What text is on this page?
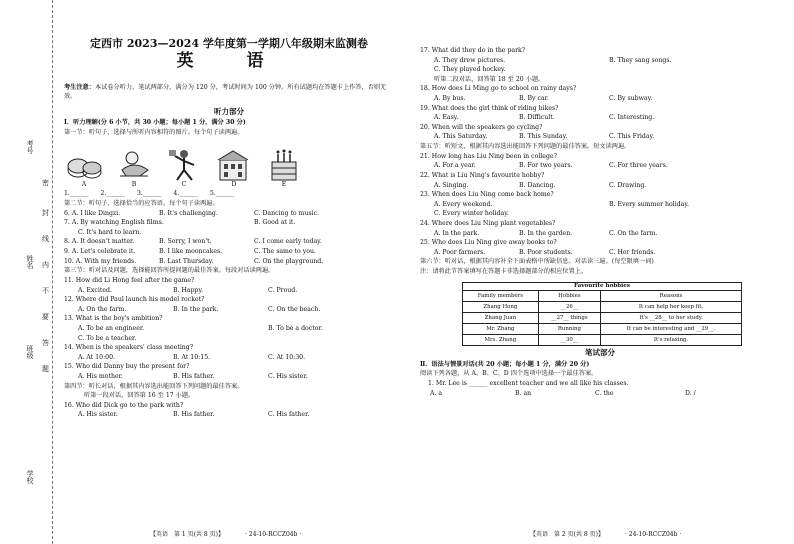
考号
姓名
班级
学校
密
封
线
内
不
要
答
题
定西市 2023—2024 学年度第一学期八年级期末监测卷
英　语
考生注意：本试卷分听力、笔试两部分，满分为 120 分，考试时间为 100 分钟。所有试题均在答题卡上作答，否则无效。
听力部分

Ⅰ．听力理解(分 6 小节，共 30 小题；每小题 1 分，满分 30 分)

第一节：听句子，选择与所听内容相符的图片。每个句子读两遍。

A	B	C	D	E
1.______ 2.______ 3.______ 4.______ 5.______

第二节：听句子，选择恰当的应答语。每个句子读两遍。

6. A. I like Dingzi.	B. It's challenging.	C. Dancing to music.
7. A. By watching English films.	B. Good at it.
C. It's hard to learn.
8. A. It doesn't matter.	B. Sorry, I won't.	C. I come early today.
9. A. Let's celebrate it.	B. I like mooncakes.	C. The same to you.
10. A. With my friends.	B. Last Thursday.	C. On the playground.

第三节：听对话及问题，选择能回答所提问题的最佳答案。每段对话读两遍。

11. How did Li Hong feel after the game?

A. Excited.	B. Happy.	C. Proud.

12. Where did Paul launch his model rocket?

A. On the farm.	B. In the park.	C. On the beach.

13. What is the boy's ambition?

A. To be an engineer.	B. To be a doctor.

C. To be a teacher.

14. When is the speakers' class meeting?

A. At 10:00.	B. At 10:15.	C. At 10:30.

15. Who did Danny buy the present for?

A. His mother.	B. His father.	C. His sister.

第四节：听长对话，根据其内容选出能回答下列问题的最佳答案。

听第一段对话，回答第 16 至 17 小题。

16. Who did Dick go to the park with?

A. His sister.	B. His father.	C. His father.
【英语　第 1 页(共 8 页)】　　　　	· 24-10-RCCZ04b ·

17. What did they do in the park?

A. They drew pictures.	B. They sang songs.

C. They played hockey.

听第二段对话，回答第 18 至 20 小题。

18. How does Li Ming go to school on rainy days?

A. By bus.	B. By car.	C. By subway.

19. What does the girl think of riding bikes?

A. Easy.	B. Difficult.	C. Interesting.

20. When will the speakers go cycling?

A. This Saturday.	B. This Sunday.	C. This Friday.

第五节：听短文，根据其内容选出能回答下列问题的最佳答案。短文读两遍。

21. How long has Liu Ning been in college?

A. For a year.	B. For two years.	C. For three years.

22. What is Liu Ning's favourite hobby?

A. Singing.	B. Dancing.	C. Drawing.

23. When does Liu Ning come back home?

A. Every weekend.	B. Every summer holiday.

C. Every winter holiday.

24. Where does Liu Ning plant vegetables?

A. In the park.	B. In the garden.	C. On the farm.

25. Who does Liu Ning give away books to?

A. Poor farmers.	B. Poor students.	C. Her friends.

第六节：听对话，根据其内容补全下面表格中所缺信息。对话读三遍。(每空限填一词)

注：请将此节答案填写在答题卡非选择题部分的相应位置上。

Favourite hobbies
Family members	Hobbies	Reasons
Zhang Hong	__26__	It can help her keep fit.
Zhang Juan	__27__ things	It's __28__ to her study.
Mr. Zhang	Running	It can be interesting and __29__.
Mrs. Zhang	__30__	It's relaxing.
笔试部分

Ⅱ．语法与情景对话(共 20 小题；每小题 1 分，满分 20 分)

阅读下列各题，从 A、B、C、D 四个选项中选择一个最佳答案。

1. Mr. Lee is ______ excellent teacher and we all like his classes.

A. a	B. an	C. the	D. /
【英语　第 2 页(共 8 页)】　　　　	· 24-10-RCCZ04b ·
